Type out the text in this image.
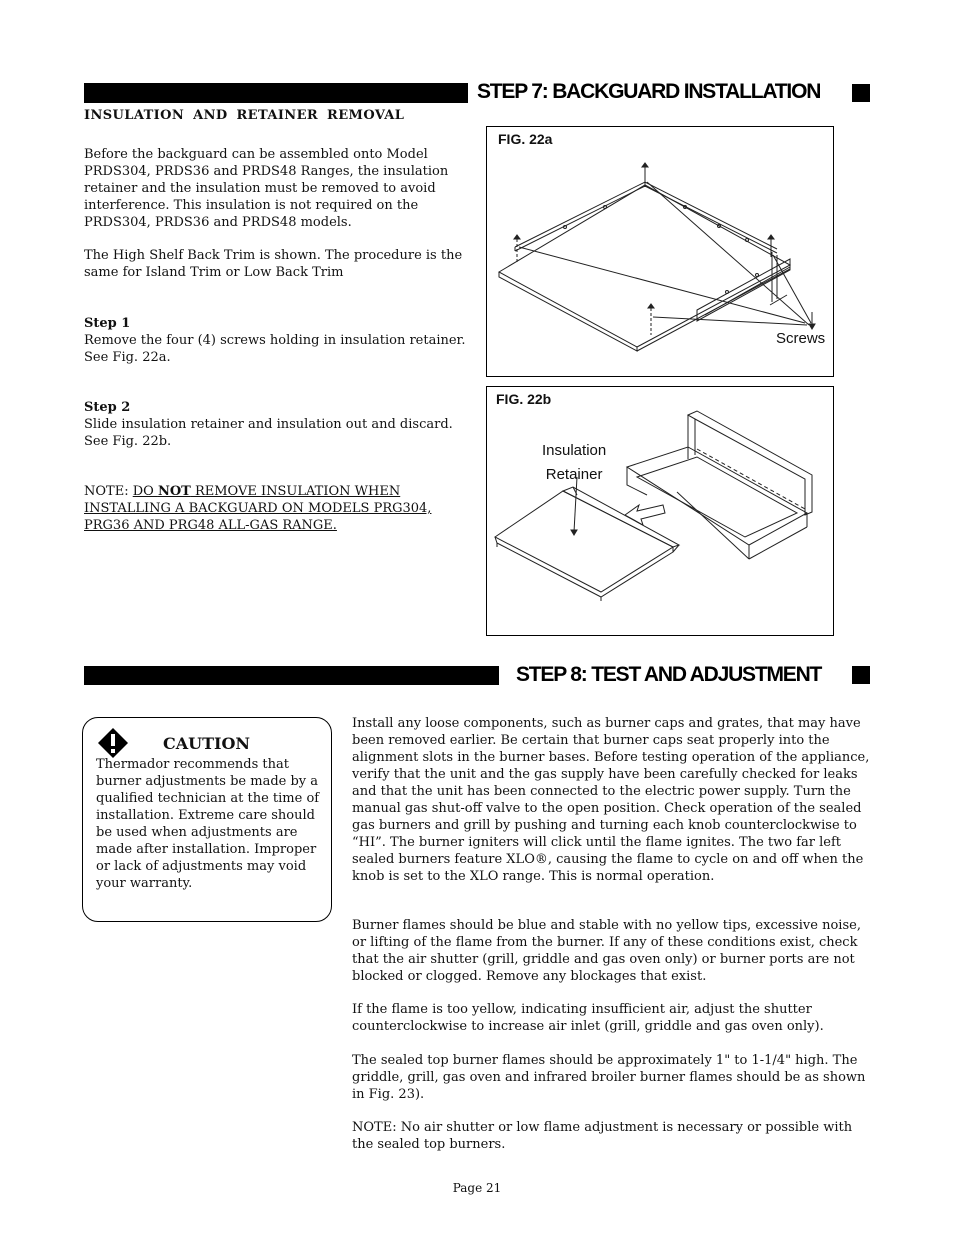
STEP 7: BACKGUARD INSTALLATION
INSULATION AND RETAINER REMOVAL
Before the backguard can be assembled onto Model PRDS304, PRDS36 and PRDS48 Ranges, the insulation retainer and the insulation must be removed to avoid interference. This insulation is not required on the PRDS304, PRDS36 and PRDS48 models.
The High Shelf Back Trim is shown. The procedure is the same for Island Trim or Low Back Trim
Step 1
Remove the four (4) screws holding in insulation retainer. See Fig. 22a.
Step 2
Slide insulation retainer and insulation out and discard. See Fig. 22b.
NOTE: DO NOT REMOVE INSULATION WHEN INSTALLING A BACKGUARD ON MODELS PRG304, PRG36 AND PRG48 ALL-GAS RANGE.
FIG. 22a
Screws
FIG. 22b
Insulation
Retainer
STEP 8: TEST AND ADJUSTMENT
CAUTION
Thermador recommends that burner adjustments be made by a qualified technician at the time of installation. Extreme care should be used when adjustments are made after installation. Improper or lack of adjustments may void your warranty.
Install any loose components, such as burner caps and grates, that may have been removed earlier. Be certain that burner caps seat properly into the alignment slots in the burner bases. Before testing operation of the appliance, verify that the unit and the gas supply have been carefully checked for leaks and that the unit has been connected to the electric power supply. Turn the manual gas shut-off valve to the open position. Check operation of the sealed gas burners and grill by pushing and turning each knob counterclockwise to “HI”. The burner igniters will click until the flame ignites. The two far left sealed burners feature XLO®, causing the flame to cycle on and off when the knob is set to the XLO range. This is normal operation.
Burner flames should be blue and stable with no yellow tips, excessive noise, or lifting of the flame from the burner. If any of these conditions exist, check that the air shutter (grill, griddle and gas oven only) or burner ports are not blocked or clogged. Remove any blockages that exist.
If the flame is too yellow, indicating insufficient air, adjust the shutter counterclockwise to increase air inlet (grill, griddle and gas oven only).
The sealed top burner flames should be approximately 1" to 1-1/4" high. The griddle, grill, gas oven and infrared broiler burner flames should be as shown in Fig. 23).
NOTE: No air shutter or low flame adjustment is necessary or possible with the sealed top burners.
Page 21
